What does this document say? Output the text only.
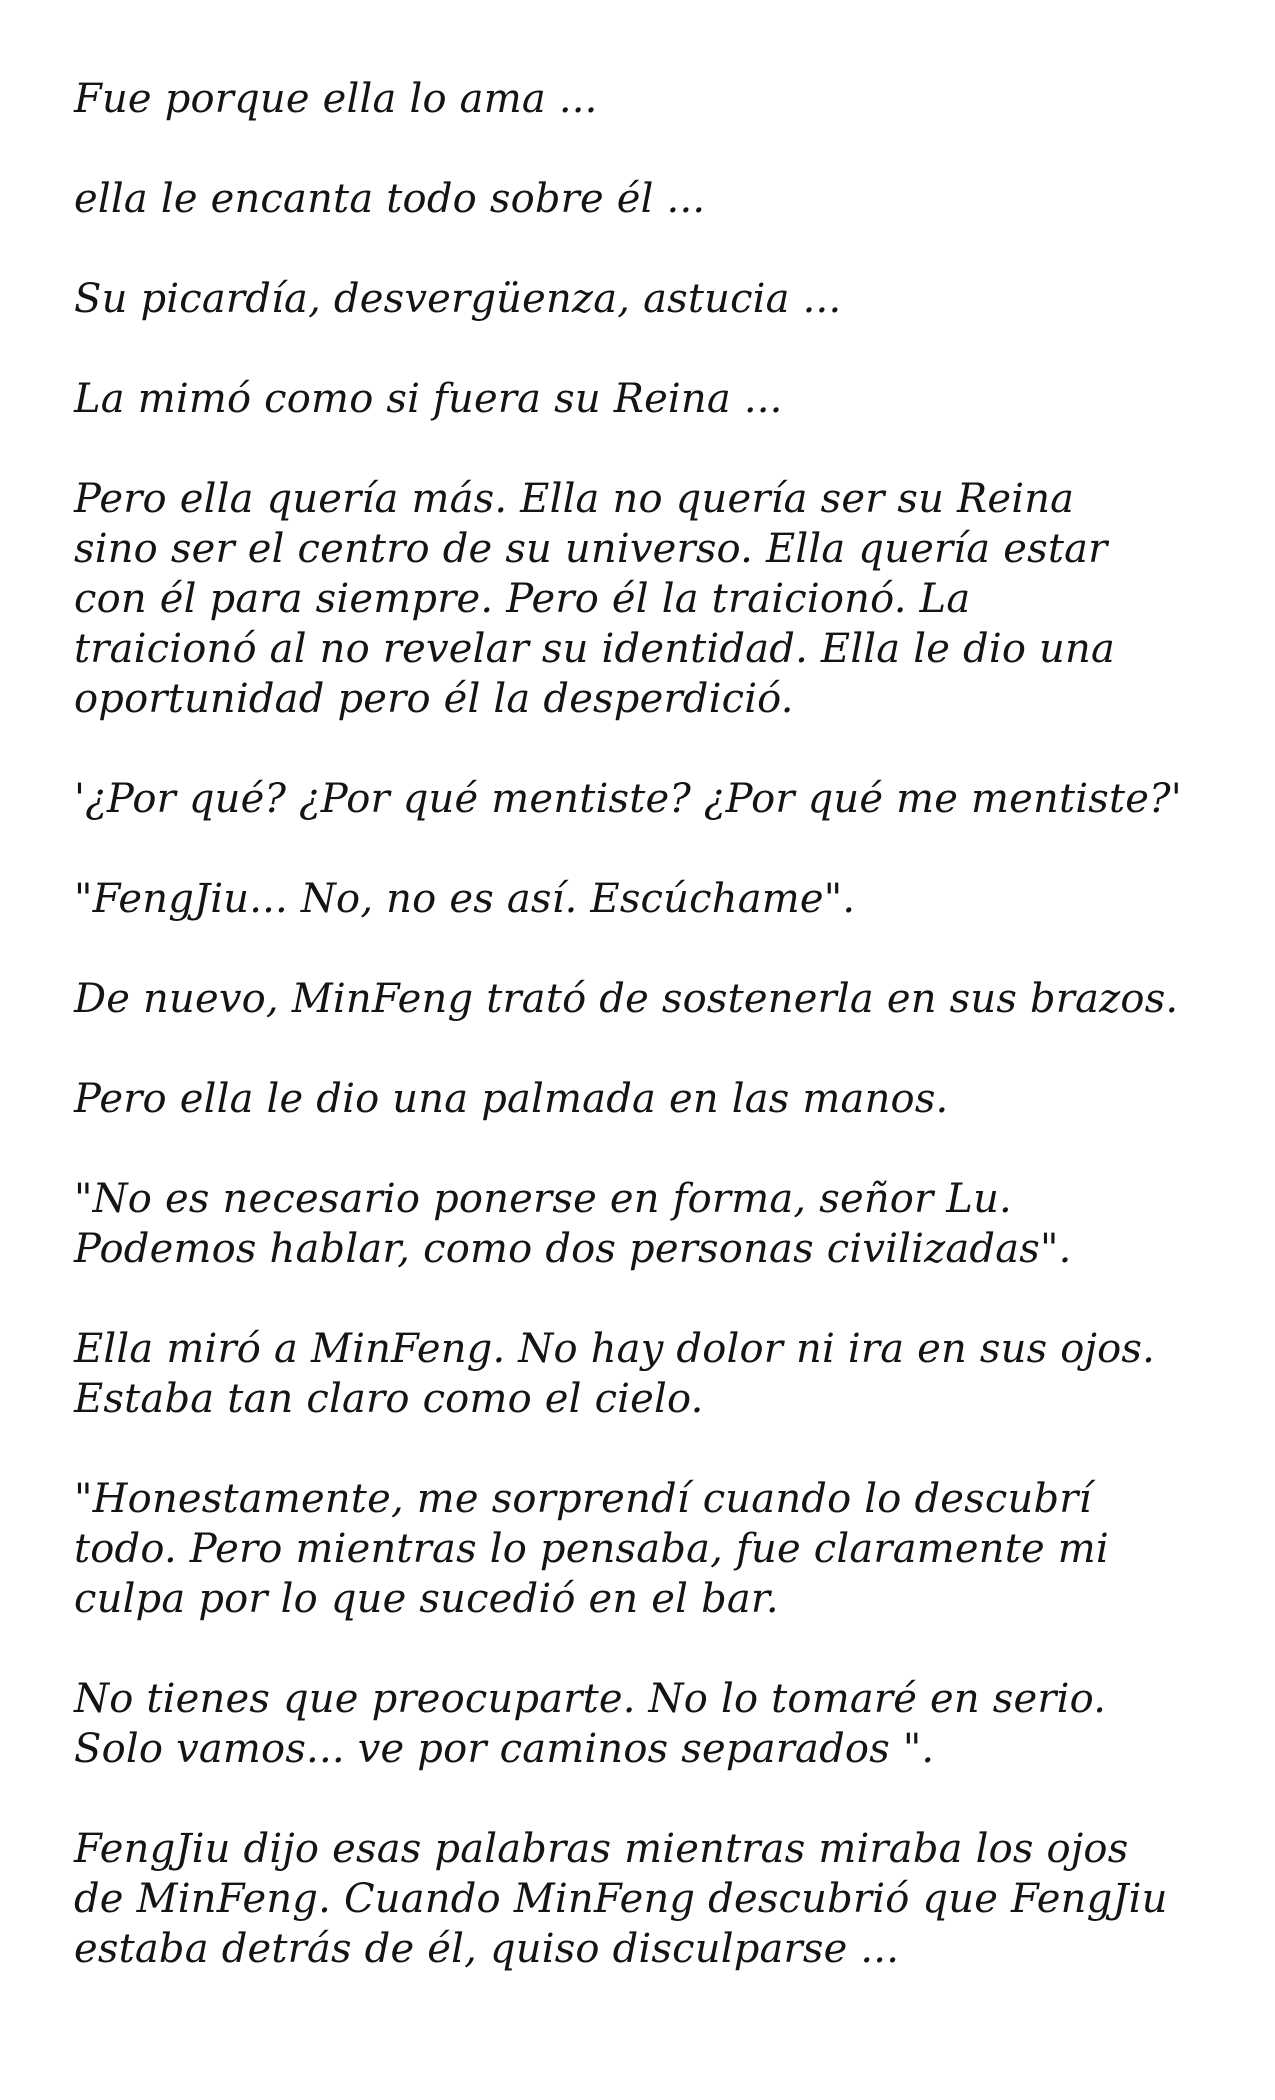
Fue porque ella lo ama ...

ella le encanta todo sobre él ...

Su picardía, desvergüenza, astucia ...

La mimó como si fuera su Reina ...

Pero ella quería más. Ella no quería ser su Reina
sino ser el centro de su universo. Ella quería estar
con él para siempre. Pero él la traicionó. La
traicionó al no revelar su identidad. Ella le dio una
oportunidad pero él la desperdició.

'¿Por qué? ¿Por qué mentiste? ¿Por qué me mentiste?'

"FengJiu... No, no es así. Escúchame".

De nuevo, MinFeng trató de sostenerla en sus brazos.

Pero ella le dio una palmada en las manos.

"No es necesario ponerse en forma, señor Lu.
Podemos hablar, como dos personas civilizadas".

Ella miró a MinFeng. No hay dolor ni ira en sus ojos.
Estaba tan claro como el cielo.

"Honestamente, me sorprendí cuando lo descubrí
todo. Pero mientras lo pensaba, fue claramente mi
culpa por lo que sucedió en el bar.

No tienes que preocuparte. No lo tomaré en serio.
Solo vamos... ve por caminos separados ".

FengJiu dijo esas palabras mientras miraba los ojos
de MinFeng. Cuando MinFeng descubrió que FengJiu
estaba detrás de él, quiso disculparse ...
